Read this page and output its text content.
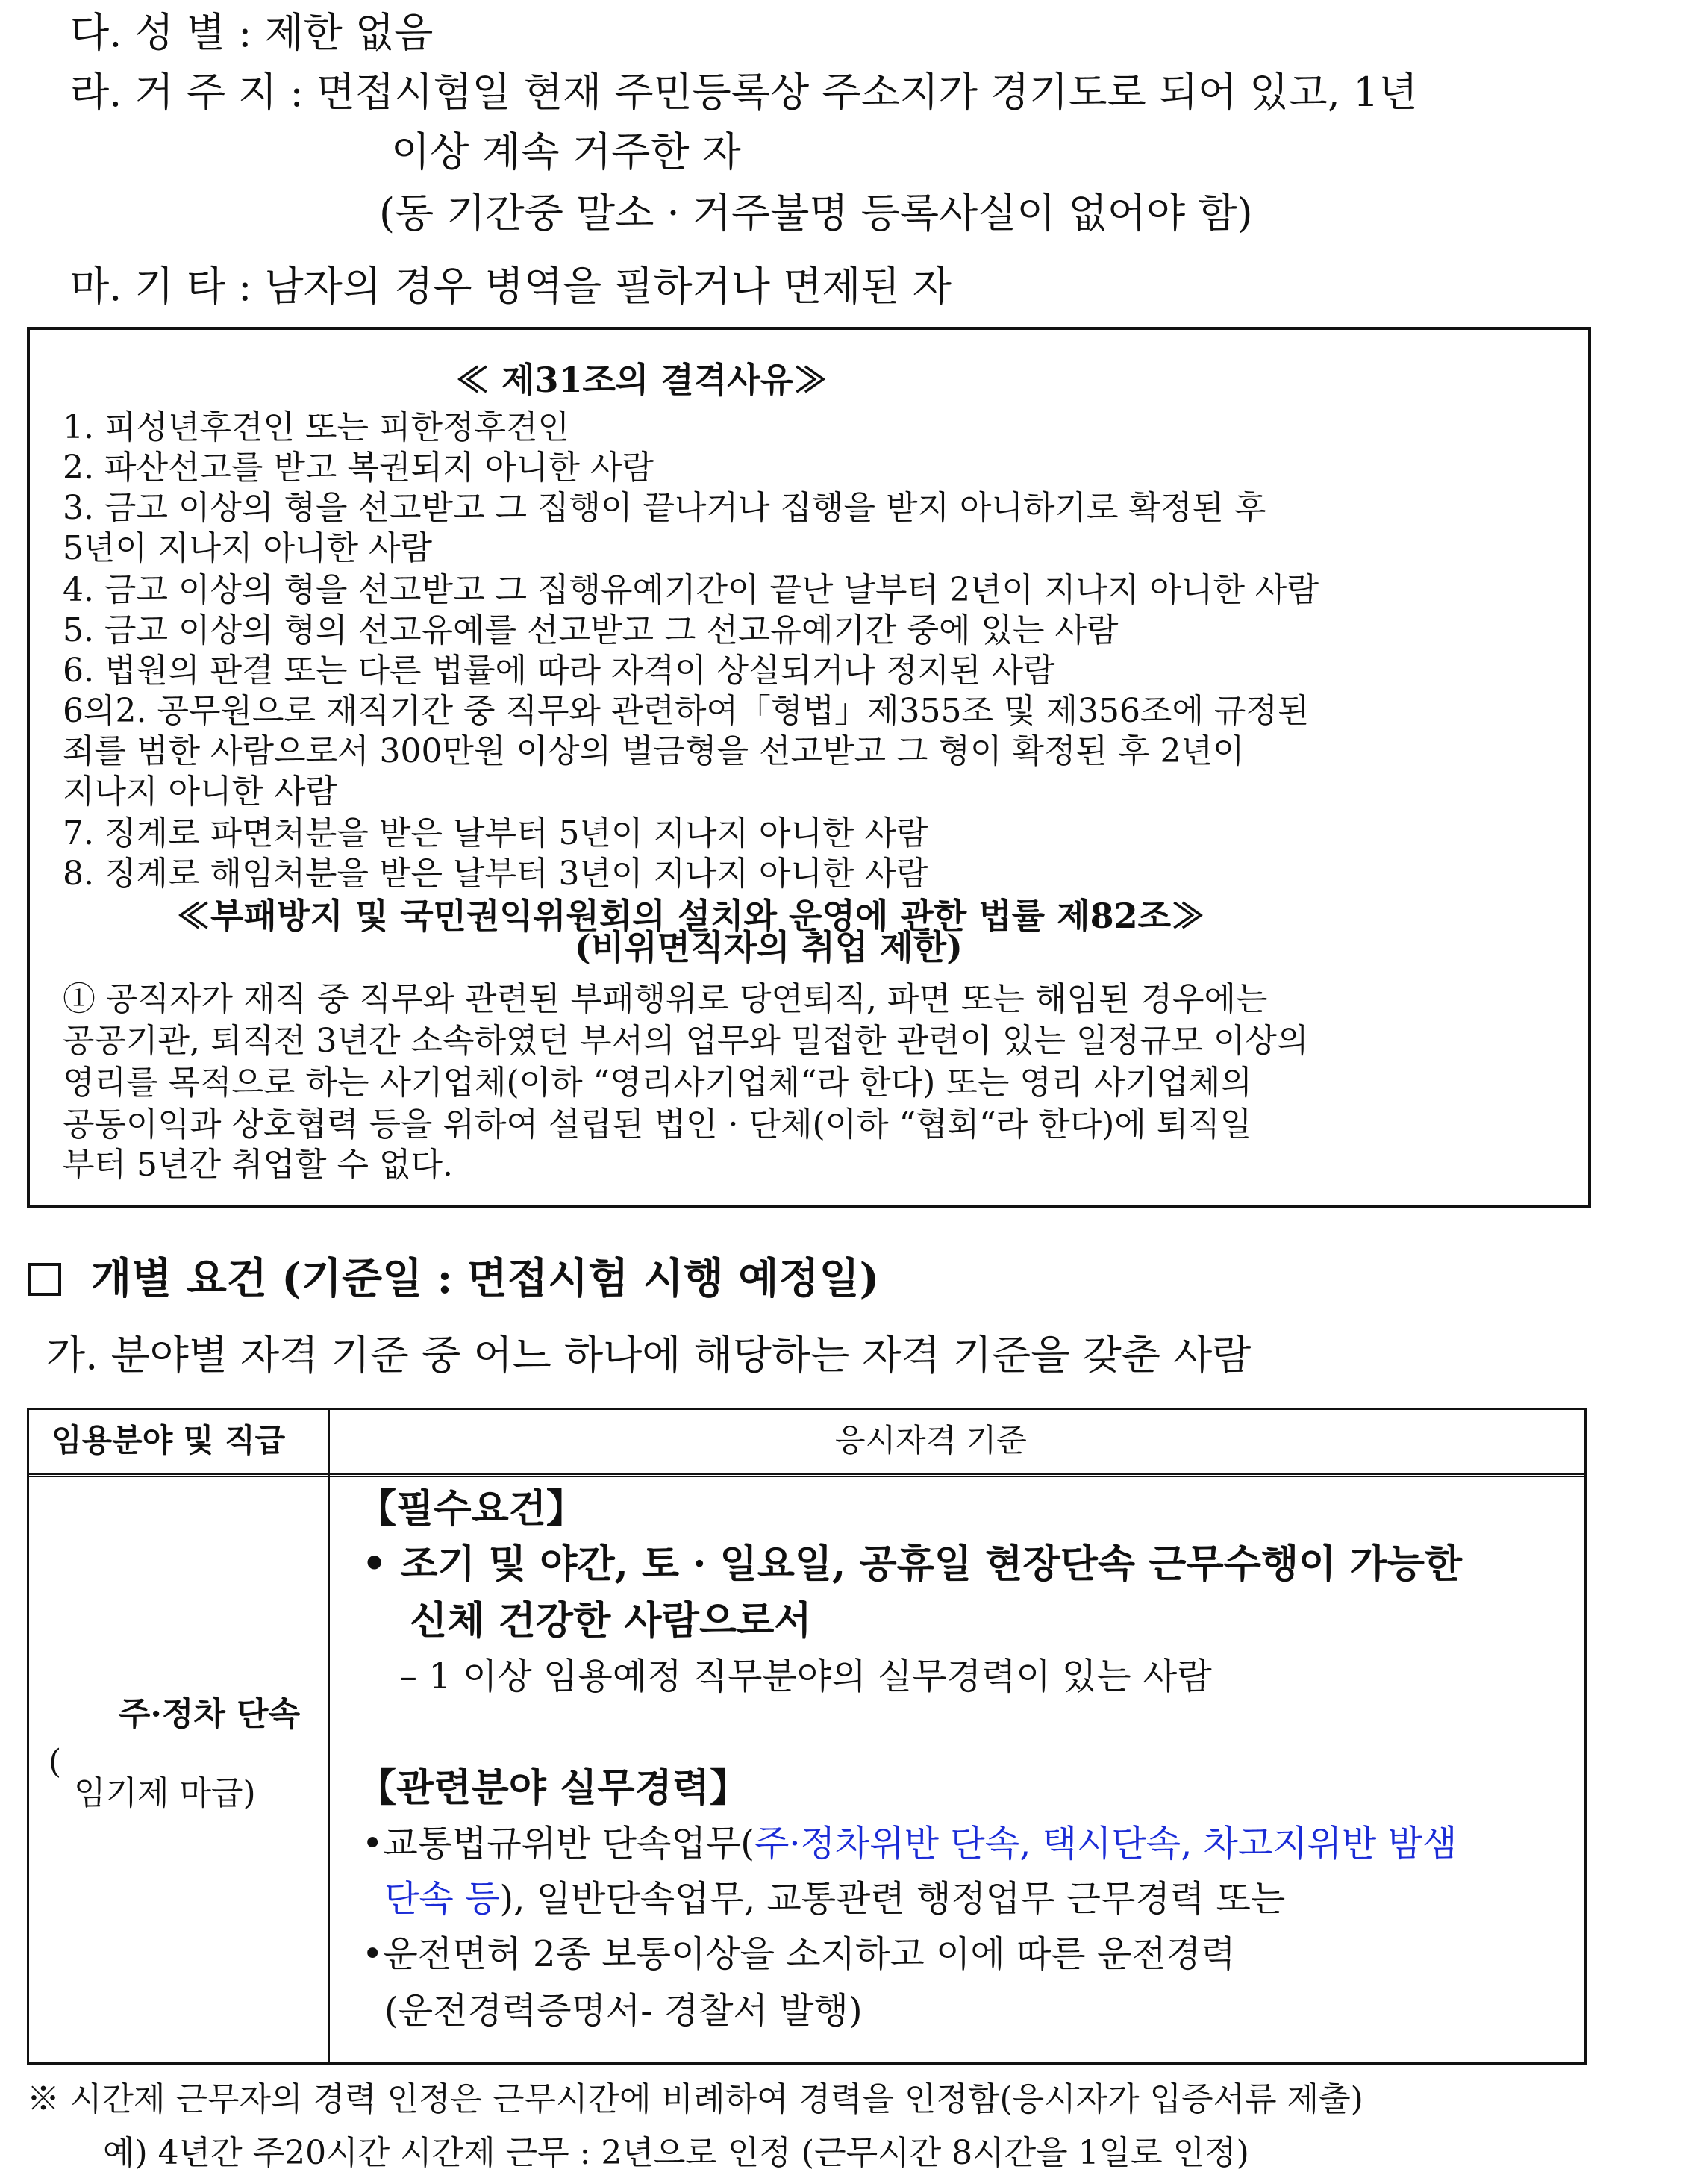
다. 성 별 : 제한 없음
라. 거 주 지 : 면접시험일 현재 주민등록상 주소지가 경기도로 되어 있고, 1년
이상 계속 거주한 자
(동 기간중 말소 · 거주불명 등록사실이 없어야 함)
마. 기 타 : 남자의 경우 병역을 필하거나 면제된 자
≪ 제31조의 결격사유≫
1. 피성년후견인 또는 피한정후견인
2. 파산선고를 받고 복권되지 아니한 사람
3. 금고 이상의 형을 선고받고 그 집행이 끝나거나 집행을 받지 아니하기로 확정된 후
5년이 지나지 아니한 사람
4. 금고 이상의 형을 선고받고 그 집행유예기간이 끝난 날부터 2년이 지나지 아니한 사람
5. 금고 이상의 형의 선고유예를 선고받고 그 선고유예기간 중에 있는 사람
6. 법원의 판결 또는 다른 법률에 따라 자격이 상실되거나 정지된 사람
6의2. 공무원으로 재직기간 중 직무와 관련하여「형법」제355조 및 제356조에 규정된
죄를 범한 사람으로서 300만원 이상의 벌금형을 선고받고 그 형이 확정된 후 2년이
지나지 아니한 사람
7. 징계로 파면처분을 받은 날부터 5년이 지나지 아니한 사람
8. 징계로 해임처분을 받은 날부터 3년이 지나지 아니한 사람
≪부패방지 및 국민권익위원회의 설치와 운영에 관한 법률 제82조≫
(비위면직자의 취업 제한)
① 공직자가 재직 중 직무와 관련된 부패행위로 당연퇴직, 파면 또는 해임된 경우에는
공공기관, 퇴직전 3년간 소속하였던 부서의 업무와 밀접한 관련이 있는 일정규모 이상의
영리를 목적으로 하는 사기업체(이하 “영리사기업체“라 한다) 또는 영리 사기업체의
공동이익과 상호협력 등을 위하여 설립된 법인 · 단체(이하 “협회“라 한다)에 퇴직일
부터 5년간 취업할 수 없다.
개별 요건 (기준일 : 면접시험 시행 예정일)
가. 분야별 자격 기준 중 어느 하나에 해당하는 자격 기준을 갖춘 사람
임용분야 및 직급	응시자격 기준
주·정차 단속
(
임기제 마급)
【필수요건】
• 조기 및 야간, 토 · 일요일, 공휴일 현장단속 근무수행이 가능한
신체 건강한 사람으로서
– 1 이상 임용예정 직무분야의 실무경력이 있는 사람
【관련분야 실무경력】
•교통법규위반 단속업무(주·정차위반 단속, 택시단속, 차고지위반 밤샘
단속 등), 일반단속업무, 교통관련 행정업무 근무경력 또는
•운전면허 2종 보통이상을 소지하고 이에 따른 운전경력
(운전경력증명서- 경찰서 발행)
※ 시간제 근무자의 경력 인정은 근무시간에 비례하여 경력을 인정함(응시자가 입증서류 제출)
예) 4년간 주20시간 시간제 근무 : 2년으로 인정 (근무시간 8시간을 1일로 인정)
